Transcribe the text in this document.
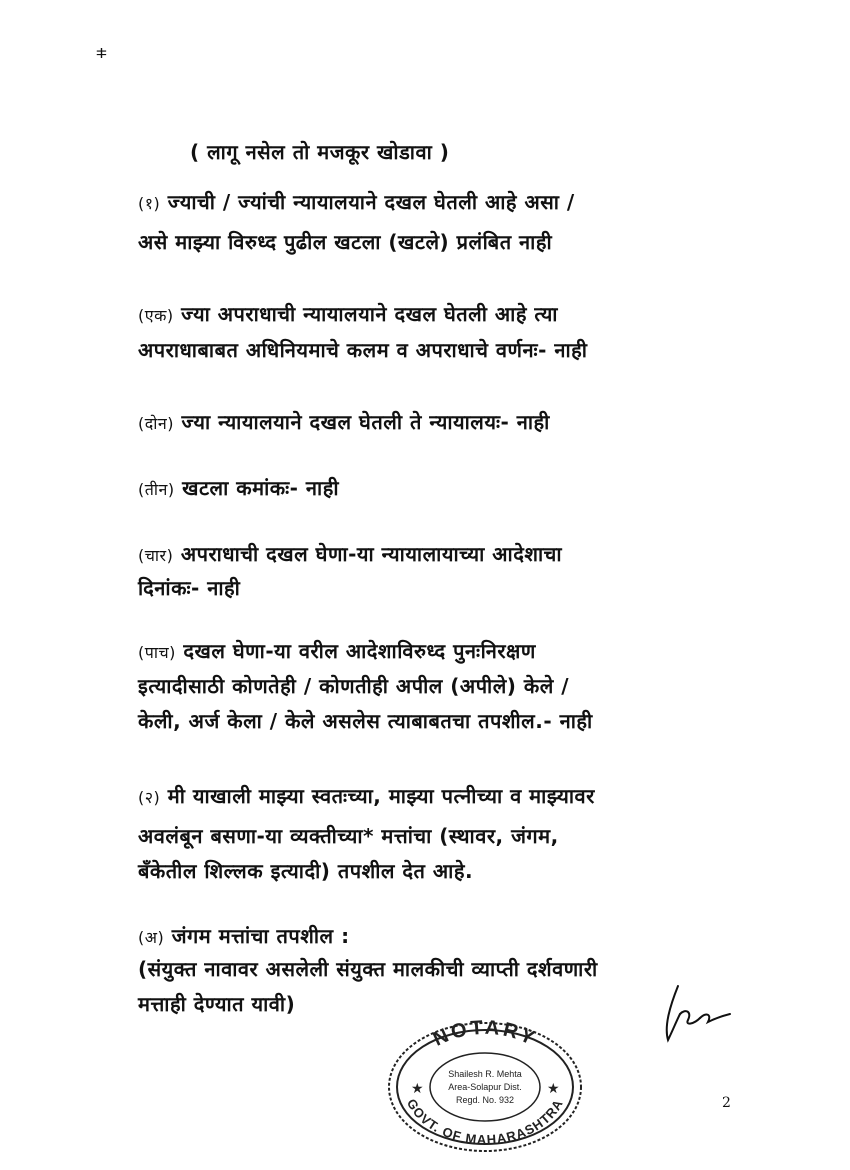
ⵐ
( लागू नसेल तो मजकूर खोडावा )
(१) ज्याची / ज्यांची न्यायालयाने दखल घेतली आहे असा /
असे माझ्या विरुध्द पुढील खटला (खटले) प्रलंबित नाही
(एक) ज्या अपराधाची न्यायालयाने दखल घेतली आहे त्या
अपराधाबाबत अधिनियमाचे कलम व अपराधाचे वर्णनः- नाही
(दोन) ज्या न्यायालयाने दखल घेतली ते न्यायालयः- नाही
(तीन) खटला कमांकः- नाही
(चार) अपराधाची दखल घेणा-या न्यायालायाच्या आदेशाचा
दिनांकः- नाही
(पाच) दखल घेणा-या वरील आदेशाविरुध्द पुनःनिरक्षण
इत्यादीसाठी कोणतेही / कोणतीही अपील (अपीले) केले /
केली, अर्ज केला / केले असलेस त्याबाबतचा तपशील.- नाही
(२) मी याखाली माझ्या स्वतःच्या, माझ्या पत्नीच्या व माझ्यावर
अवलंबून बसणा-या व्यक्तीच्या* मत्तांचा (स्थावर, जंगम,
बँकेतील शिल्लक इत्यादी) तपशील देत आहे.
(अ) जंगम मत्तांचा तपशील :
(संयुक्त नावावर असलेली संयुक्त मालकीची व्याप्ती दर्शवणारी
मत्ताही देण्यात यावी)
NOTARY
GOVT. OF MAHARASHTRA
★	★
Shailesh R. Mehta
Area-Solapur Dist.
Regd. No. 932	2
